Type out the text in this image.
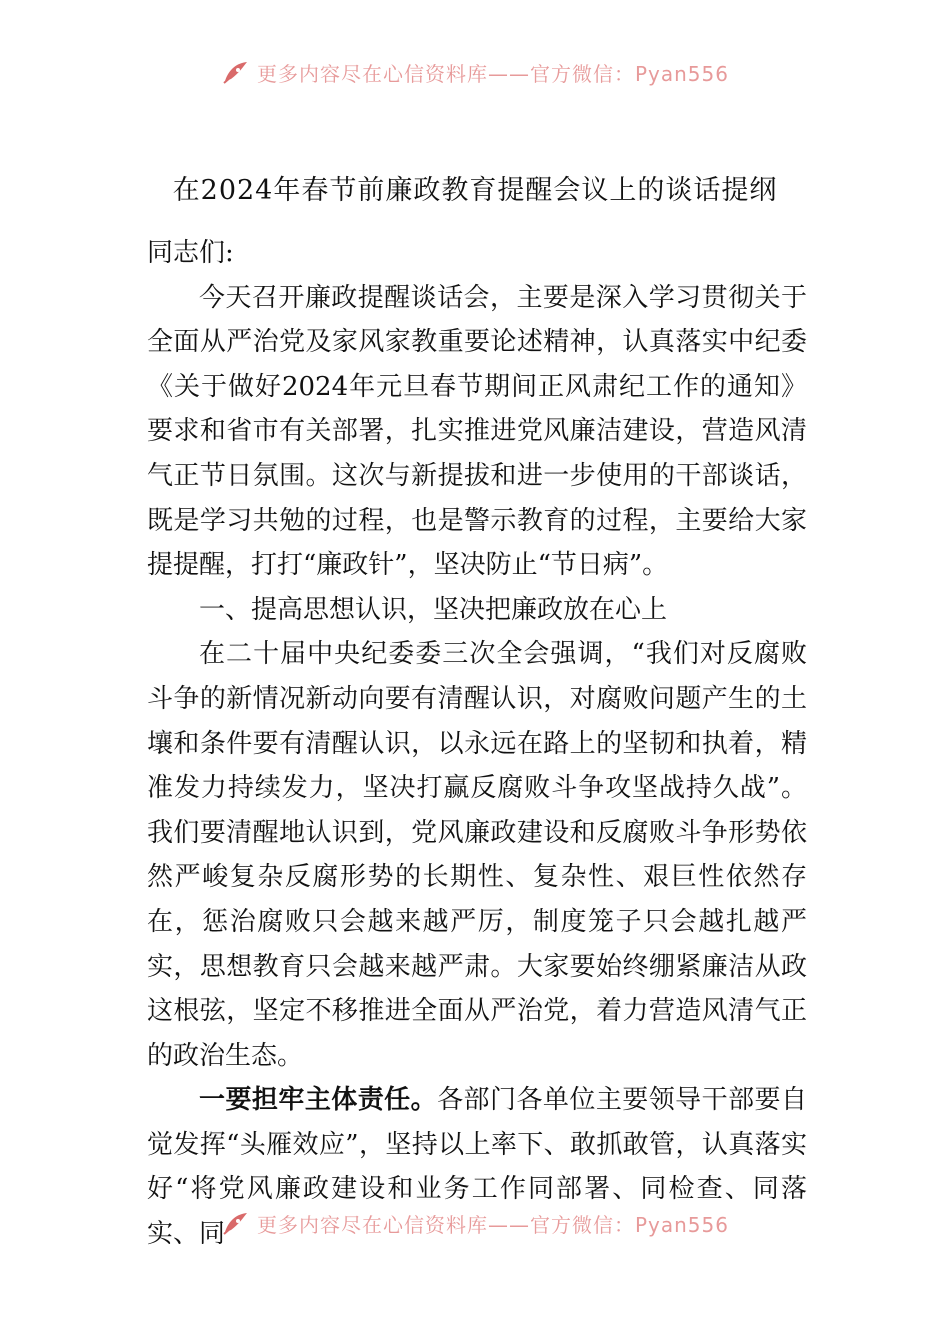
更多内容尽在心信资料库——官方微信：Pyan556
在2024年春节前廉政教育提醒会议上的谈话提纲

同志们:

今天召开廉政提醒谈话会，主要是深入学习贯彻关于全面从严治党及家风家教重要论述精神，认真落实中纪委《关于做好2024年元旦春节期间正风肃纪工作的通知》要求和省市有关部署，扎实推进党风廉洁建设，营造风清气正节日氛围。这次与新提拔和进一步使用的干部谈话，既是学习共勉的过程，也是警示教育的过程，主要给大家提提醒，打打“廉政针”，坚决防止“节日病”。

一、提高思想认识，坚决把廉政放在心上

在二十届中央纪委委三次全会强调，“我们对反腐败斗争的新情况新动向要有清醒认识，对腐败问题产生的土壤和条件要有清醒认识，以永远在路上的坚韧和执着，精准发力持续发力，坚决打赢反腐败斗争攻坚战持久战”。我们要清醒地认识到，党风廉政建设和反腐败斗争形势依然严峻复杂反腐形势的长期性、复杂性、艰巨性依然存在，惩治腐败只会越来越严厉，制度笼子只会越扎越严实，思想教育只会越来越严肃。大家要始终绷紧廉洁从政这根弦，坚定不移推进全面从严治党，着力营造风清气正的政治生态。

一要担牢主体责任。各部门各单位主要领导干部要自觉发挥“头雁效应”，坚持以上率下、敢抓敢管，认真落实好“将党风廉政建设和业务工作同部署、同检查、同落实、同	更多内容尽在心信资料库——官方微信：Pyan556
